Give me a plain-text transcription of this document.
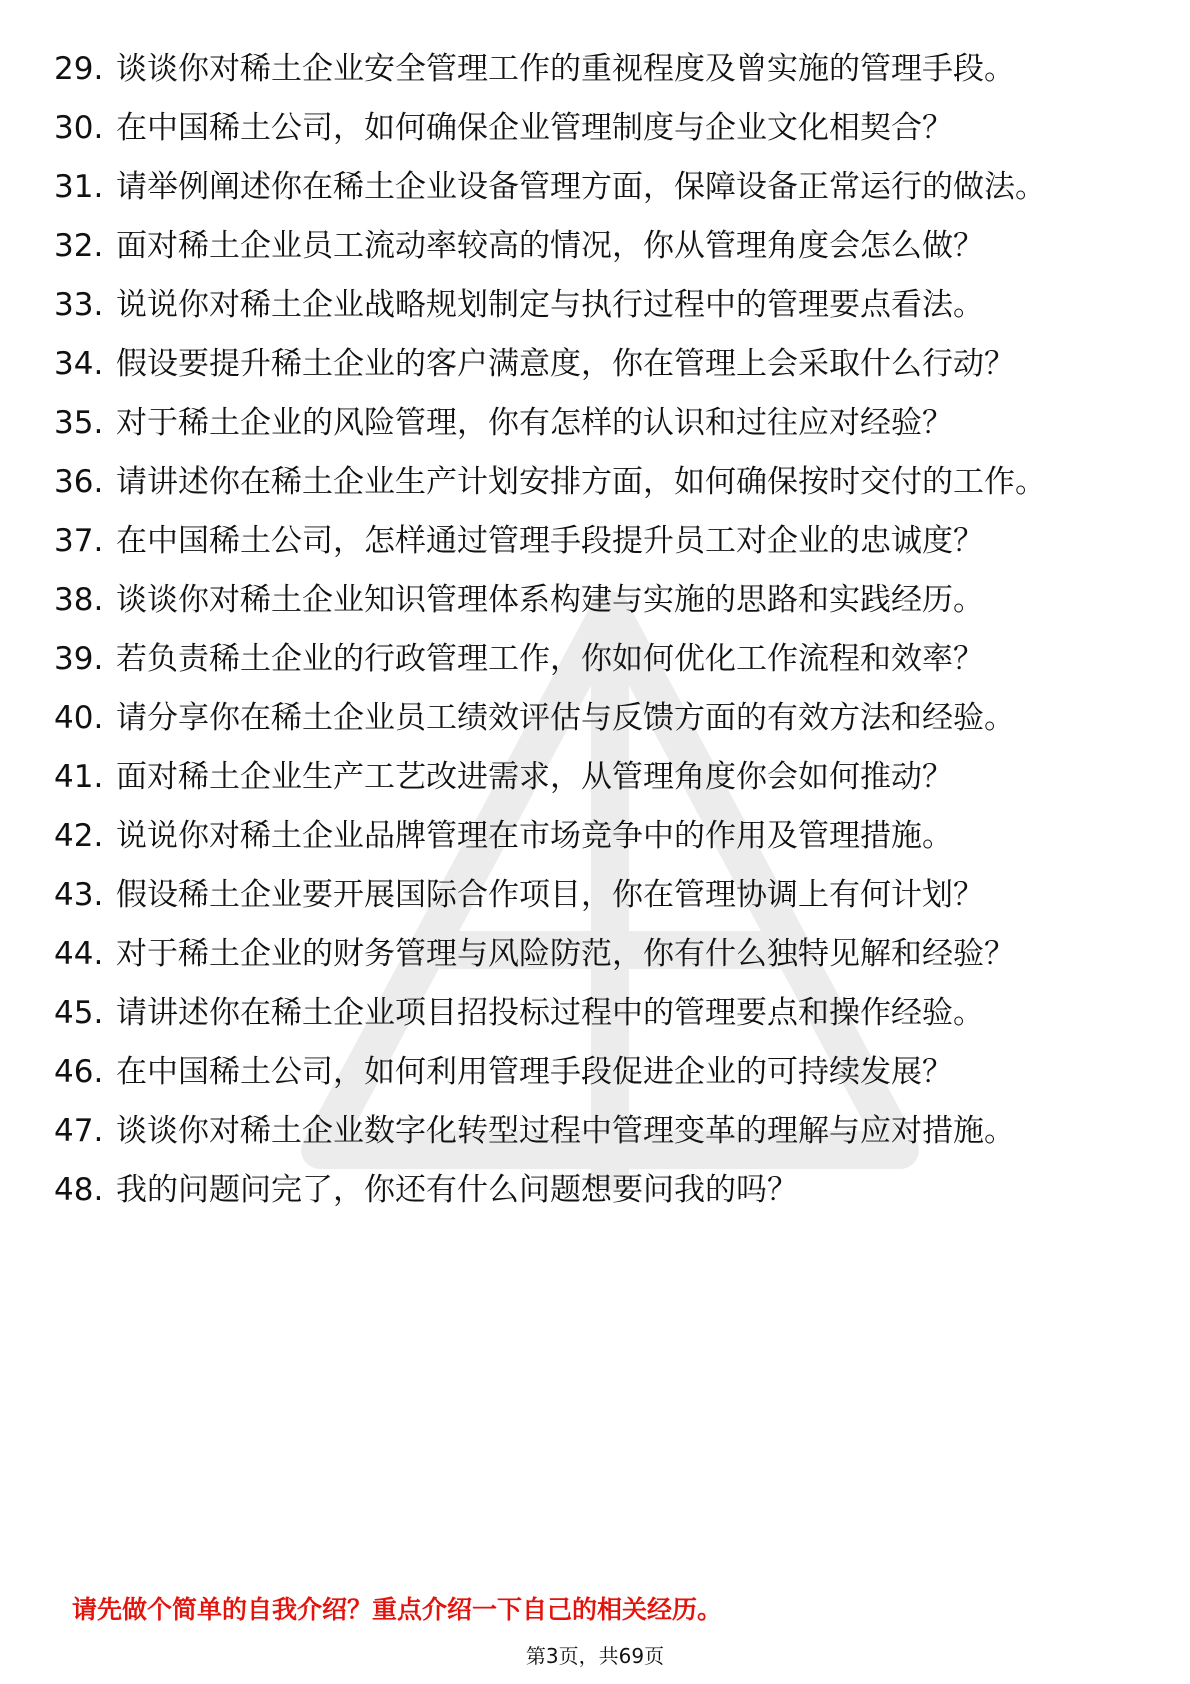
29. 谈谈你对稀土企业安全管理工作的重视程度及曾实施的管理手段。
30. 在中国稀土公司，如何确保企业管理制度与企业文化相契合？
31. 请举例阐述你在稀土企业设备管理方面，保障设备正常运行的做法。
32. 面对稀土企业员工流动率较高的情况，你从管理角度会怎么做？
33. 说说你对稀土企业战略规划制定与执行过程中的管理要点看法。
34. 假设要提升稀土企业的客户满意度，你在管理上会采取什么行动？
35. 对于稀土企业的风险管理，你有怎样的认识和过往应对经验？
36. 请讲述你在稀土企业生产计划安排方面，如何确保按时交付的工作。
37. 在中国稀土公司，怎样通过管理手段提升员工对企业的忠诚度？
38. 谈谈你对稀土企业知识管理体系构建与实施的思路和实践经历。
39. 若负责稀土企业的行政管理工作，你如何优化工作流程和效率？
40. 请分享你在稀土企业员工绩效评估与反馈方面的有效方法和经验。
41. 面对稀土企业生产工艺改进需求，从管理角度你会如何推动？
42. 说说你对稀土企业品牌管理在市场竞争中的作用及管理措施。
43. 假设稀土企业要开展国际合作项目，你在管理协调上有何计划？
44. 对于稀土企业的财务管理与风险防范，你有什么独特见解和经验？
45. 请讲述你在稀土企业项目招投标过程中的管理要点和操作经验。
46. 在中国稀土公司，如何利用管理手段促进企业的可持续发展？
47. 谈谈你对稀土企业数字化转型过程中管理变革的理解与应对措施。
48. 我的问题问完了，你还有什么问题想要问我的吗？
请先做个简单的自我介绍？重点介绍一下自己的相关经历。
第3页，共69页
